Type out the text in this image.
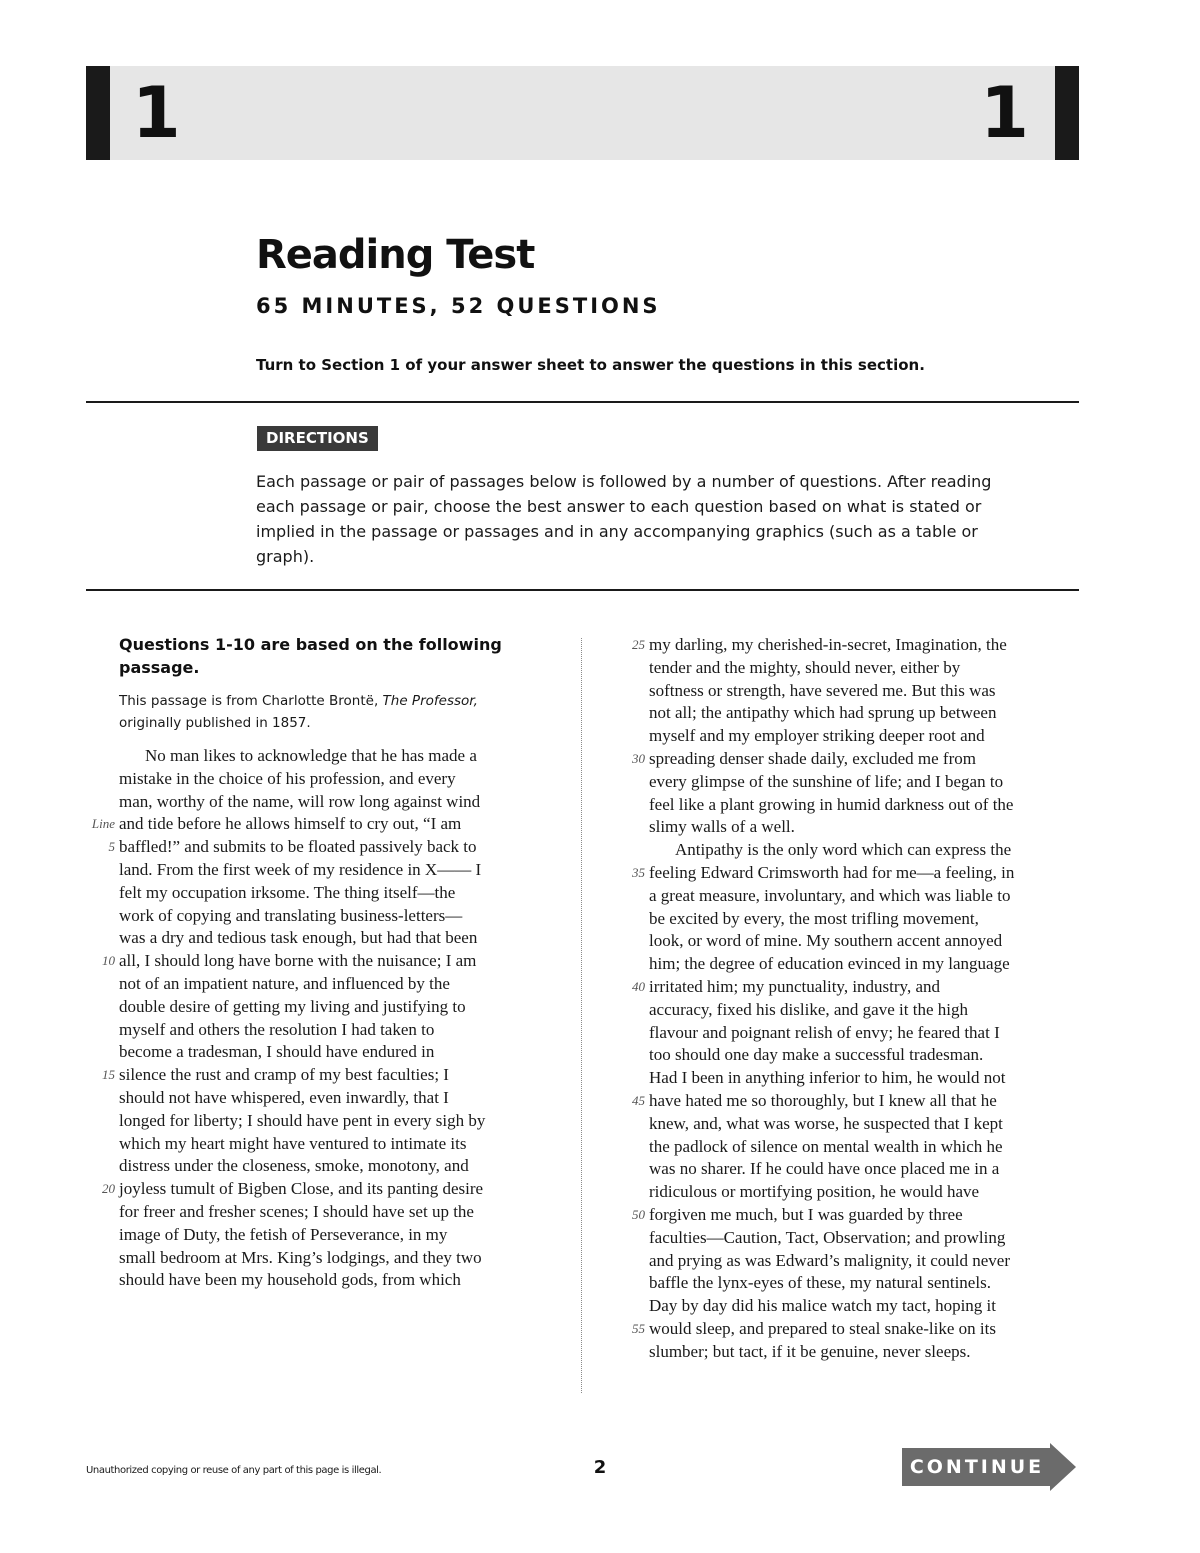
1	1
Reading Test
65 MINUTES, 52 QUESTIONS
Turn to Section 1 of your answer sheet to answer the questions in this section.
DIRECTIONS
Each passage or pair of passages below is followed by a number of questions. After reading each passage or pair, choose the best answer to each question based on what is stated or implied in the passage or passages and in any accompanying graphics (such as a table or graph).
Questions 1-10 are based on the following passage.
This passage is from Charlotte Brontë, The Professor, originally published in 1857.
No man likes to acknowledge that he has made a
mistake in the choice of his profession, and every
man, worthy of the name, will row long against wind
Line and tide before he allows himself to cry out, “I am
5 baffled!” and submits to be floated passively back to
land. From the first week of my residence in X—— I
felt my occupation irksome. The thing itself—the
work of copying and translating business-letters—
was a dry and tedious task enough, but had that been
10 all, I should long have borne with the nuisance; I am
not of an impatient nature, and influenced by the
double desire of getting my living and justifying to
myself and others the resolution I had taken to
become a tradesman, I should have endured in
15 silence the rust and cramp of my best faculties; I
should not have whispered, even inwardly, that I
longed for liberty; I should have pent in every sigh by
which my heart might have ventured to intimate its
distress under the closeness, smoke, monotony, and
20 joyless tumult of Bigben Close, and its panting desire
for freer and fresher scenes; I should have set up the
image of Duty, the fetish of Perseverance, in my
small bedroom at Mrs. King’s lodgings, and they two
should have been my household gods, from which
25 my darling, my cherished-in-secret, Imagination, the
tender and the mighty, should never, either by
softness or strength, have severed me. But this was
not all; the antipathy which had sprung up between
myself and my employer striking deeper root and
30 spreading denser shade daily, excluded me from
every glimpse of the sunshine of life; and I began to
feel like a plant growing in humid darkness out of the
slimy walls of a well.
Antipathy is the only word which can express the
35 feeling Edward Crimsworth had for me—a feeling, in
a great measure, involuntary, and which was liable to
be excited by every, the most trifling movement,
look, or word of mine. My southern accent annoyed
him; the degree of education evinced in my language
40 irritated him; my punctuality, industry, and
accuracy, fixed his dislike, and gave it the high
flavour and poignant relish of envy; he feared that I
too should one day make a successful tradesman.
Had I been in anything inferior to him, he would not
45 have hated me so thoroughly, but I knew all that he
knew, and, what was worse, he suspected that I kept
the padlock of silence on mental wealth in which he
was no sharer. If he could have once placed me in a
ridiculous or mortifying position, he would have
50 forgiven me much, but I was guarded by three
faculties—Caution, Tact, Observation; and prowling
and prying as was Edward’s malignity, it could never
baffle the lynx-eyes of these, my natural sentinels.
Day by day did his malice watch my tact, hoping it
55 would sleep, and prepared to steal snake-like on its
slumber; but tact, if it be genuine, never sleeps.
Unauthorized copying or reuse of any part of this page is illegal.	2	CONTINUE
